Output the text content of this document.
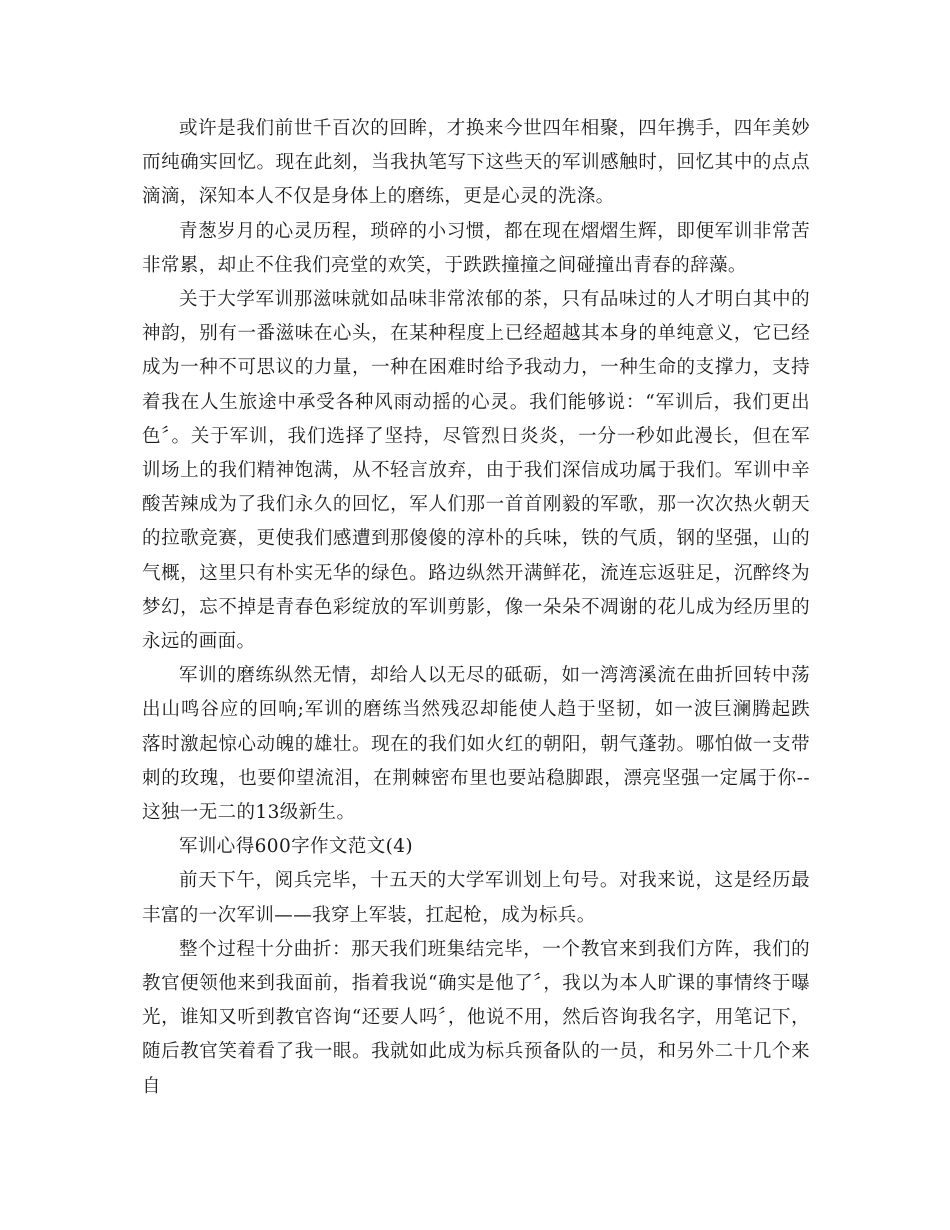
或许是我们前世千百次的回眸，才换来今世四年相聚，四年携手，四年美妙而纯确实回忆。现在此刻，当我执笔写下这些天的军训感触时，回忆其中的点点滴滴，深知本人不仅是身体上的磨练，更是心灵的洗涤。

青葱岁月的心灵历程，琐碎的小习惯，都在现在熠熠生辉，即便军训非常苦非常累，却止不住我们亮堂的欢笑，于跌跌撞撞之间碰撞出青春的辞藻。

关于大学军训那滋味就如品味非常浓郁的茶，只有品味过的人才明白其中的神韵，别有一番滋味在心头，在某种程度上已经超越其本身的单纯意义，它已经成为一种不可思议的力量，一种在困难时给予我动力，一种生命的支撑力，支持着我在人生旅途中承受各种风雨动摇的心灵。我们能够说：“军训后，我们更出色〞。关于军训，我们选择了坚持，尽管烈日炎炎，一分一秒如此漫长，但在军训场上的我们精神饱满，从不轻言放弃，由于我们深信成功属于我们。军训中辛酸苦辣成为了我们永久的回忆，军人们那一首首刚毅的军歌，那一次次热火朝天的拉歌竞赛，更使我们感遭到那傻傻的淳朴的兵味，铁的气质，钢的坚强，山的气概，这里只有朴实无华的绿色。路边纵然开满鲜花，流连忘返驻足，沉醉终为梦幻，忘不掉是青春色彩绽放的军训剪影，像一朵朵不凋谢的花儿成为经历里的永远的画面。

军训的磨练纵然无情，却给人以无尽的砥砺，如一湾湾溪流在曲折回转中荡出山鸣谷应的回响;军训的磨练当然残忍却能使人趋于坚韧，如一波巨澜腾起跌落时激起惊心动魄的雄壮。现在的我们如火红的朝阳，朝气蓬勃。哪怕做一支带刺的玫瑰，也要仰望流泪，在荆棘密布里也要站稳脚跟，漂亮坚强一定属于你--这独一无二的13级新生。

军训心得600字作文范文(4)

前天下午，阅兵完毕，十五天的大学军训划上句号。对我来说，这是经历最丰富的一次军训——我穿上军装，扛起枪，成为标兵。

整个过程十分曲折：那天我们班集结完毕，一个教官来到我们方阵，我们的教官便领他来到我面前，指着我说“确实是他了〞，我以为本人旷课的事情终于曝光，谁知又听到教官咨询“还要人吗〞，他说不用，然后咨询我名字，用笔记下，随后教官笑着看了我一眼。我就如此成为标兵预备队的一员，和另外二十几个来自
